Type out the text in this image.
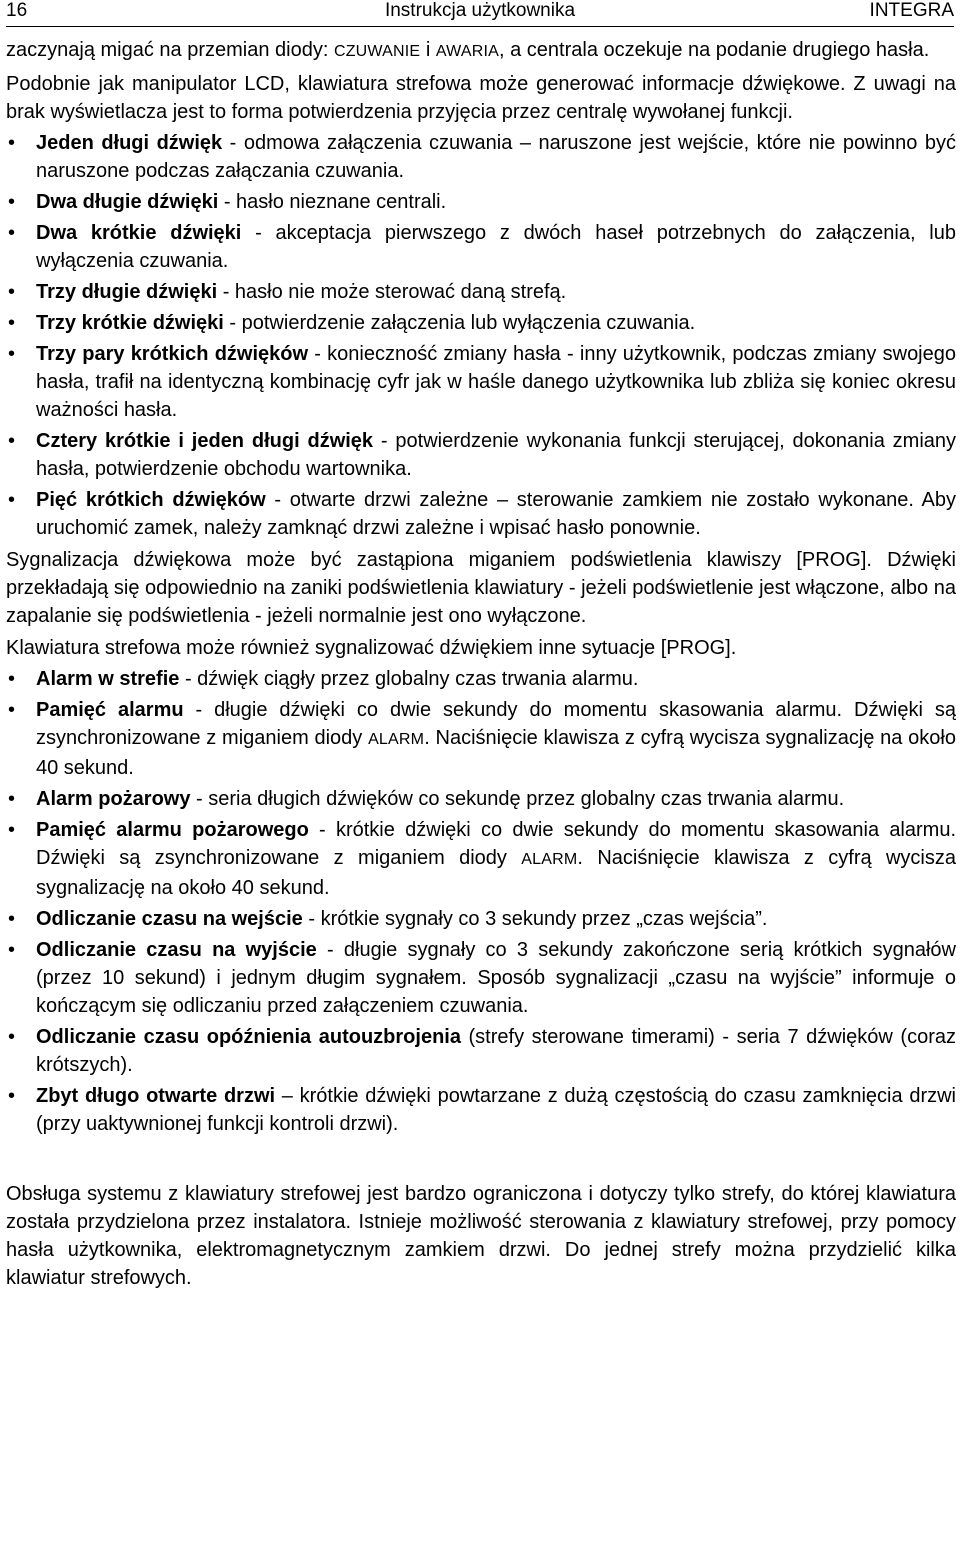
16	Instrukcja użytkownika	INTEGRA

zaczynają migać na przemian diody: CZUWANIE i AWARIA, a centrala oczekuje na podanie drugiego hasła.

Podobnie jak manipulator LCD, klawiatura strefowa może generować informacje dźwiękowe. Z uwagi na brak wyświetlacza jest to forma potwierdzenia przyjęcia przez centralę wywołanej funkcji.

• Jeden długi dźwięk - odmowa załączenia czuwania – naruszone jest wejście, które nie powinno być naruszone podczas załączania czuwania.
• Dwa długie dźwięki - hasło nieznane centrali.
• Dwa krótkie dźwięki - akceptacja pierwszego z dwóch haseł potrzebnych do załączenia, lub wyłączenia czuwania.
• Trzy długie dźwięki - hasło nie może sterować daną strefą.
• Trzy krótkie dźwięki - potwierdzenie załączenia lub wyłączenia czuwania.
• Trzy pary krótkich dźwięków - konieczność zmiany hasła - inny użytkownik, podczas zmiany swojego hasła, trafił na identyczną kombinację cyfr jak w haśle danego użytkownika lub zbliża się koniec okresu ważności hasła.
• Cztery krótkie i jeden długi dźwięk - potwierdzenie wykonania funkcji sterującej, dokonania zmiany hasła, potwierdzenie obchodu wartownika.
• Pięć krótkich dźwięków - otwarte drzwi zależne – sterowanie zamkiem nie zostało wykonane. Aby uruchomić zamek, należy zamknąć drzwi zależne i wpisać hasło ponownie.

Sygnalizacja dźwiękowa może być zastąpiona miganiem podświetlenia klawiszy [PROG]. Dźwięki przekładają się odpowiednio na zaniki podświetlenia klawiatury - jeżeli podświetlenie jest włączone, albo na zapalanie się podświetlenia - jeżeli normalnie jest ono wyłączone.

Klawiatura strefowa może również sygnalizować dźwiękiem inne sytuacje [PROG].

• Alarm w strefie - dźwięk ciągły przez globalny czas trwania alarmu.
• Pamięć alarmu - długie dźwięki co dwie sekundy do momentu skasowania alarmu. Dźwięki są zsynchronizowane z miganiem diody ALARM. Naciśnięcie klawisza z cyfrą wycisza sygnalizację na około 40 sekund.
• Alarm pożarowy - seria długich dźwięków co sekundę przez globalny czas trwania alarmu.
• Pamięć alarmu pożarowego - krótkie dźwięki co dwie sekundy do momentu skasowania alarmu. Dźwięki są zsynchronizowane z miganiem diody ALARM. Naciśnięcie klawisza z cyfrą wycisza sygnalizację na około 40 sekund.
• Odliczanie czasu na wejście - krótkie sygnały co 3 sekundy przez „czas wejścia”.
• Odliczanie czasu na wyjście - długie sygnały co 3 sekundy zakończone serią krótkich sygnałów (przez 10 sekund) i jednym długim sygnałem. Sposób sygnalizacji „czasu na wyjście” informuje o kończącym się odliczaniu przed załączeniem czuwania.
• Odliczanie czasu opóźnienia autouzbrojenia (strefy sterowane timerami) - seria 7 dźwięków (coraz krótszych).
• Zbyt długo otwarte drzwi – krótkie dźwięki powtarzane z dużą częstością do czasu zamknięcia drzwi (przy uaktywnionej funkcji kontroli drzwi).

Obsługa systemu z klawiatury strefowej jest bardzo ograniczona i dotyczy tylko strefy, do której klawiatura została przydzielona przez instalatora. Istnieje możliwość sterowania z klawiatury strefowej, przy pomocy hasła użytkownika, elektromagnetycznym zamkiem drzwi. Do jednej strefy można przydzielić kilka klawiatur strefowych.
